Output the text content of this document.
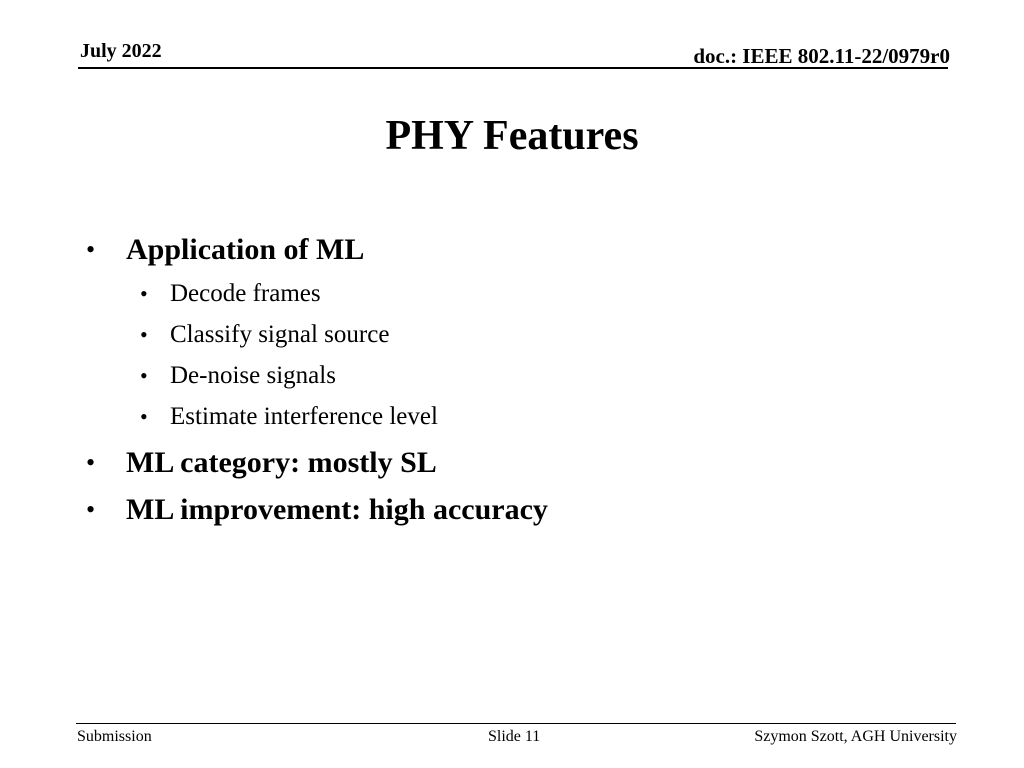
July 2022	doc.: IEEE 802.11-22/0979r0
PHY Features
• Application of ML
• Decode frames
• Classify signal source
• De-noise signals
• Estimate interference level
• ML category: mostly SL
• ML improvement: high accuracy
Submission	Slide 11	Szymon Szott, AGH University
